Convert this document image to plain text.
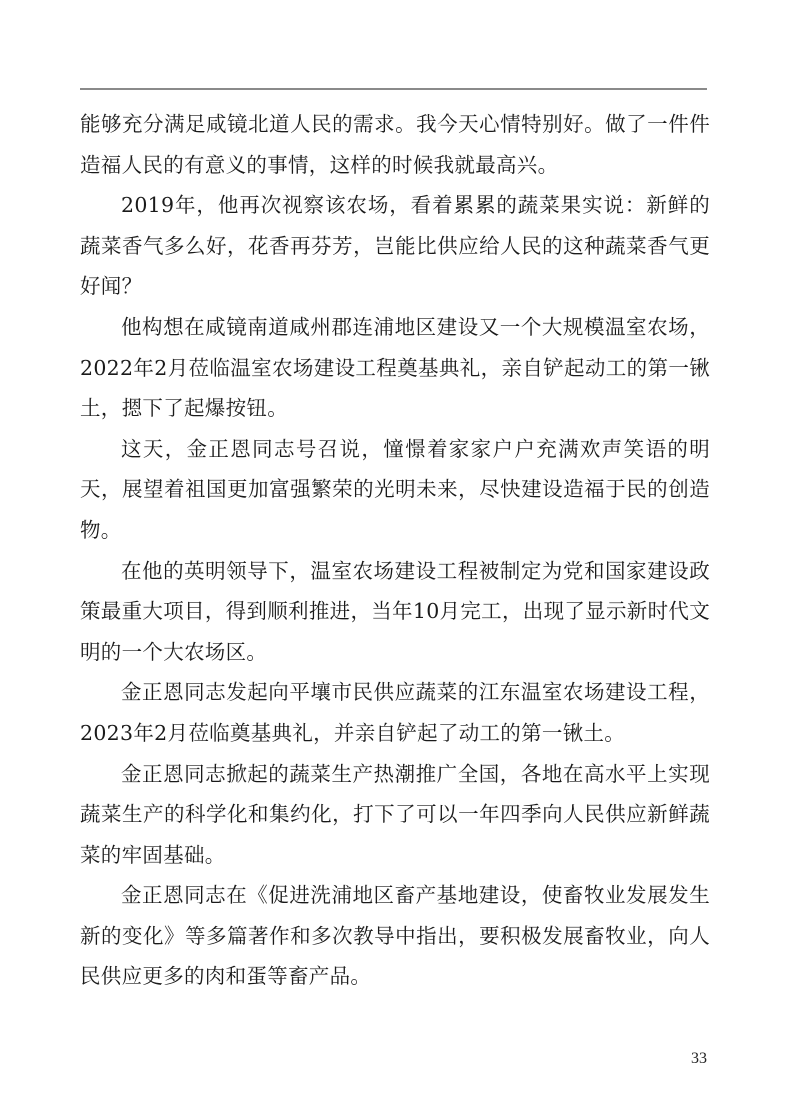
能够充分满足咸镜北道人民的需求。我今天心情特别好。做了一件件造福人民的有意义的事情，这样的时候我就最高兴。

2019年，他再次视察该农场，看着累累的蔬菜果实说：新鲜的蔬菜香气多么好，花香再芬芳，岂能比供应给人民的这种蔬菜香气更好闻？

他构想在咸镜南道咸州郡连浦地区建设又一个大规模温室农场，2022年2月莅临温室农场建设工程奠基典礼，亲自铲起动工的第一锹土，摁下了起爆按钮。

这天，金正恩同志号召说，憧憬着家家户户充满欢声笑语的明天，展望着祖国更加富强繁荣的光明未来，尽快建设造福于民的创造物。

在他的英明领导下，温室农场建设工程被制定为党和国家建设政策最重大项目，得到顺利推进，当年10月完工，出现了显示新时代文明的一个大农场区。

金正恩同志发起向平壤市民供应蔬菜的江东温室农场建设工程，2023年2月莅临奠基典礼，并亲自铲起了动工的第一锹土。

金正恩同志掀起的蔬菜生产热潮推广全国，各地在高水平上实现蔬菜生产的科学化和集约化，打下了可以一年四季向人民供应新鲜蔬菜的牢固基础。

金正恩同志在《促进洗浦地区畜产基地建设，使畜牧业发展发生新的变化》等多篇著作和多次教导中指出，要积极发展畜牧业，向人民供应更多的肉和蛋等畜产品。

33
